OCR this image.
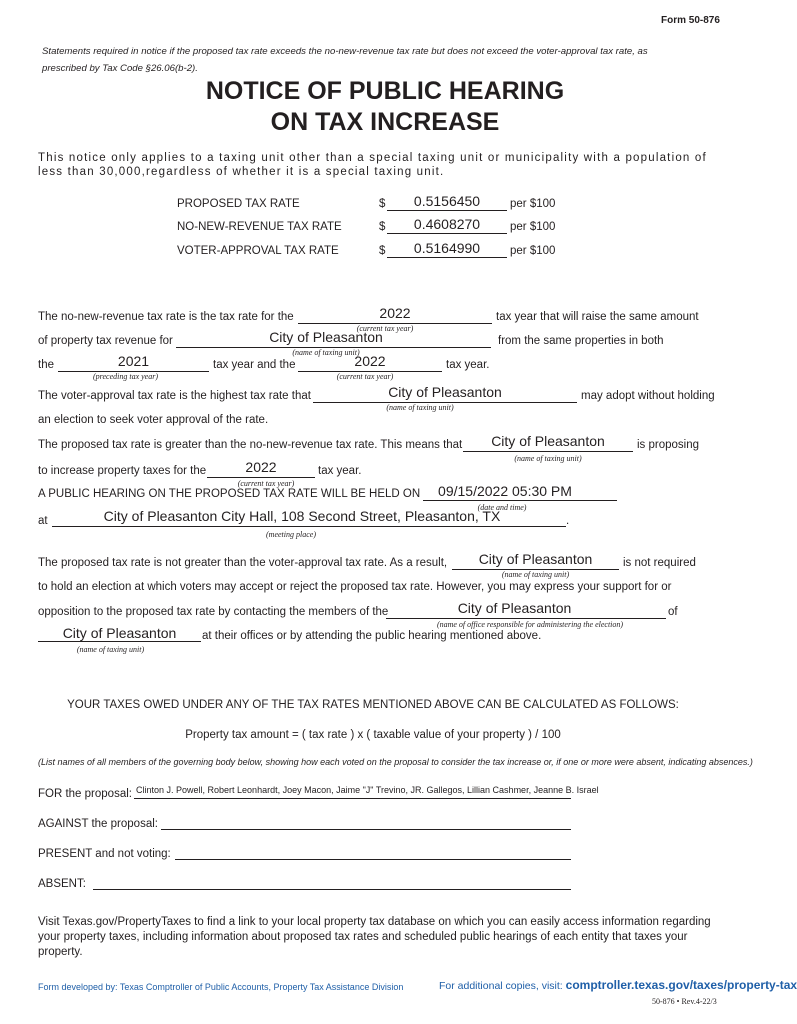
Form 50-876
Statements required in notice if the proposed tax rate exceeds the no-new-revenue tax rate but does not exceed the voter-approval tax rate, as prescribed by Tax Code §26.06(b-2).
NOTICE OF PUBLIC HEARING
ON TAX INCREASE
This notice only applies to a taxing unit other than a special taxing unit or municipality with a population of less than 30,000,regardless of whether it is a special taxing unit.
PROPOSED TAX RATE	$	0.5156450	per $100
NO-NEW-REVENUE TAX RATE	$	0.4608270	per $100
VOTER-APPROVAL TAX RATE	$	0.5164990	per $100
The no-new-revenue tax rate is the tax rate for the	2022
(current tax year)
tax year that will raise the same amount
of property tax revenue for	City of Pleasanton
(name of taxing unit)
from the same properties in both
the	2021
(preceding tax year)
tax year and the	2022
(current tax year)
tax year.
The voter-approval tax rate is the highest tax rate that	City of Pleasanton
(name of taxing unit)
may adopt without holding
an election to seek voter approval of the rate.
The proposed tax rate is greater than the no-new-revenue tax rate. This means that	City of Pleasanton
(name of taxing unit)
is proposing
to increase property taxes for the	2022
(current tax year)
tax year.
A PUBLIC HEARING ON THE PROPOSED TAX RATE WILL BE HELD ON	09/15/2022 05:30 PM
(date and time)
at	City of Pleasanton City Hall, 108 Second Street, Pleasanton, TX	.
(meeting place)
The proposed tax rate is not greater than the voter-approval tax rate. As a result,	City of Pleasanton
(name of taxing unit)
is not required
to hold an election at which voters may accept or reject the proposed tax rate. However, you may express your support for or
opposition to the proposed tax rate by contacting the members of the	City of Pleasanton
(name of office responsible for administering the election)
of
City of Pleasanton	at their offices or by attending the public hearing mentioned above.
(name of taxing unit)
YOUR TAXES OWED UNDER ANY OF THE TAX RATES MENTIONED ABOVE CAN BE CALCULATED AS FOLLOWS:
Property tax amount = ( tax rate ) x ( taxable value of your property ) / 100
(List names of all members of the governing body below, showing how each voted on the proposal to consider the tax increase or, if one or more were absent, indicating absences.)
FOR the proposal: Clinton J. Powell, Robert Leonhardt, Joey Macon, Jaime "J" Trevino, JR. Gallegos, Lillian Cashmer, Jeanne B. Israel
AGAINST the proposal:
PRESENT and not voting:
ABSENT:
Visit Texas.gov/PropertyTaxes to find a link to your local property tax database on which you can easily access information regarding your property taxes, including information about proposed tax rates and scheduled public hearings of each entity that taxes your property.
Form developed by: Texas Comptroller of Public Accounts, Property Tax Assistance Division	For additional copies, visit: comptroller.texas.gov/taxes/property-tax
50-876 • Rev.4-22/3
